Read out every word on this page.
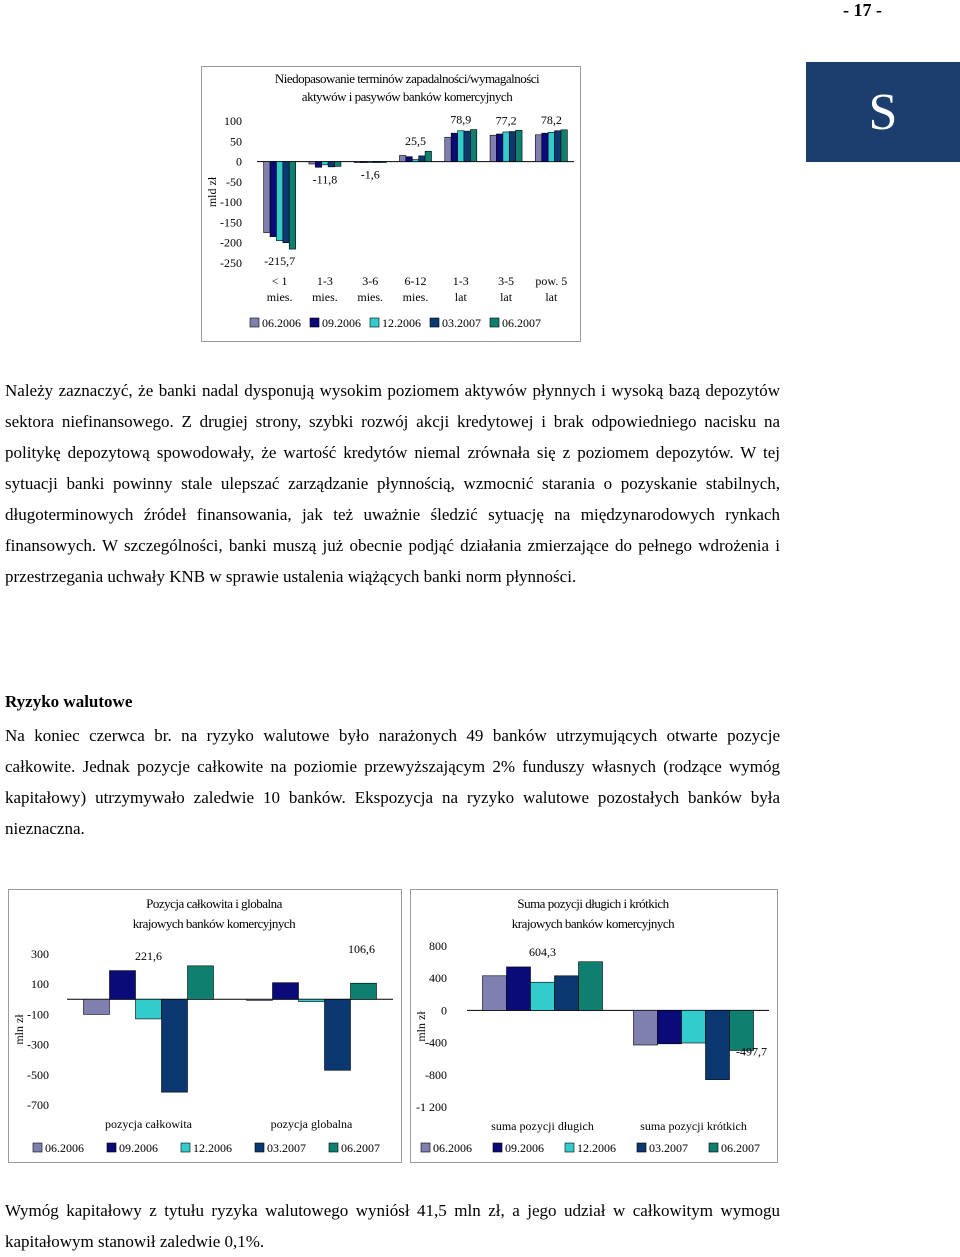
- 17 -
S
Niedopasowanie terminów zapadalności/wymagalności
aktywów i pasywów banków komercyjnych
mld zł
100
50
0
-50
-100
-150
-200
-250 -215,7
< 1
mies.
-11,8
1-3
mies.
-1,6
3-6
mies.
25,5
6-12
mies.
78,9
1-3
lat
77,2
3-5
lat
78,2
pow. 5
lat
06.2006 09.2006 12.2006 03.2007 06.2007

Należy zaznaczyć, że banki nadal dysponują wysokim poziomem aktywów płynnych i wysoką bazą depozytów sektora niefinansowego. Z drugiej strony, szybki rozwój akcji kredytowej i brak odpowiedniego nacisku na politykę depozytową spowodowały, że wartość kredytów niemal zrównała się z poziomem depozytów. W tej sytuacji banki powinny stale ulepszać zarządzanie płynnością, wzmocnić starania o pozyskanie stabilnych, długoterminowych źródeł finansowania, jak też uważnie śledzić sytuację na międzynarodowych rynkach finansowych. W szczególności, banki muszą już obecnie podjąć działania zmierzające do pełnego wdrożenia i przestrzegania uchwały KNB w sprawie ustalenia wiążących banki norm płynności.

Ryzyko walutowe

Na koniec czerwca br. na ryzyko walutowe było narażonych 49 banków utrzymujących otwarte pozycje całkowite. Jednak pozycje całkowite na poziomie przewyższającym 2% funduszy własnych (rodzące wymóg kapitałowy) utrzymywało zaledwie 10 banków. Ekspozycja na ryzyko walutowe pozostałych banków była nieznaczna.

Pozycja całkowita i globalna
krajowych banków komercyjnych
mln zł
300
100
-100
-300
-500
-700
221,6
pozycja całkowita
106,6
pozycja globalna
06.2006	09.2006	12.2006	03.2007	06.2007
Suma pozycji długich i krótkich
krajowych banków komercyjnych
mln zł
800
400
0
-400
-800
-1 200
604,3
suma pozycji długich
-497,7
suma pozycji krótkich
06.2006	09.2006	12.2006	03.2007	06.2007

Wymóg kapitałowy z tytułu ryzyka walutowego wyniósł 41,5 mln zł, a jego udział w całkowitym wymogu kapitałowym stanowił zaledwie 0,1%.
